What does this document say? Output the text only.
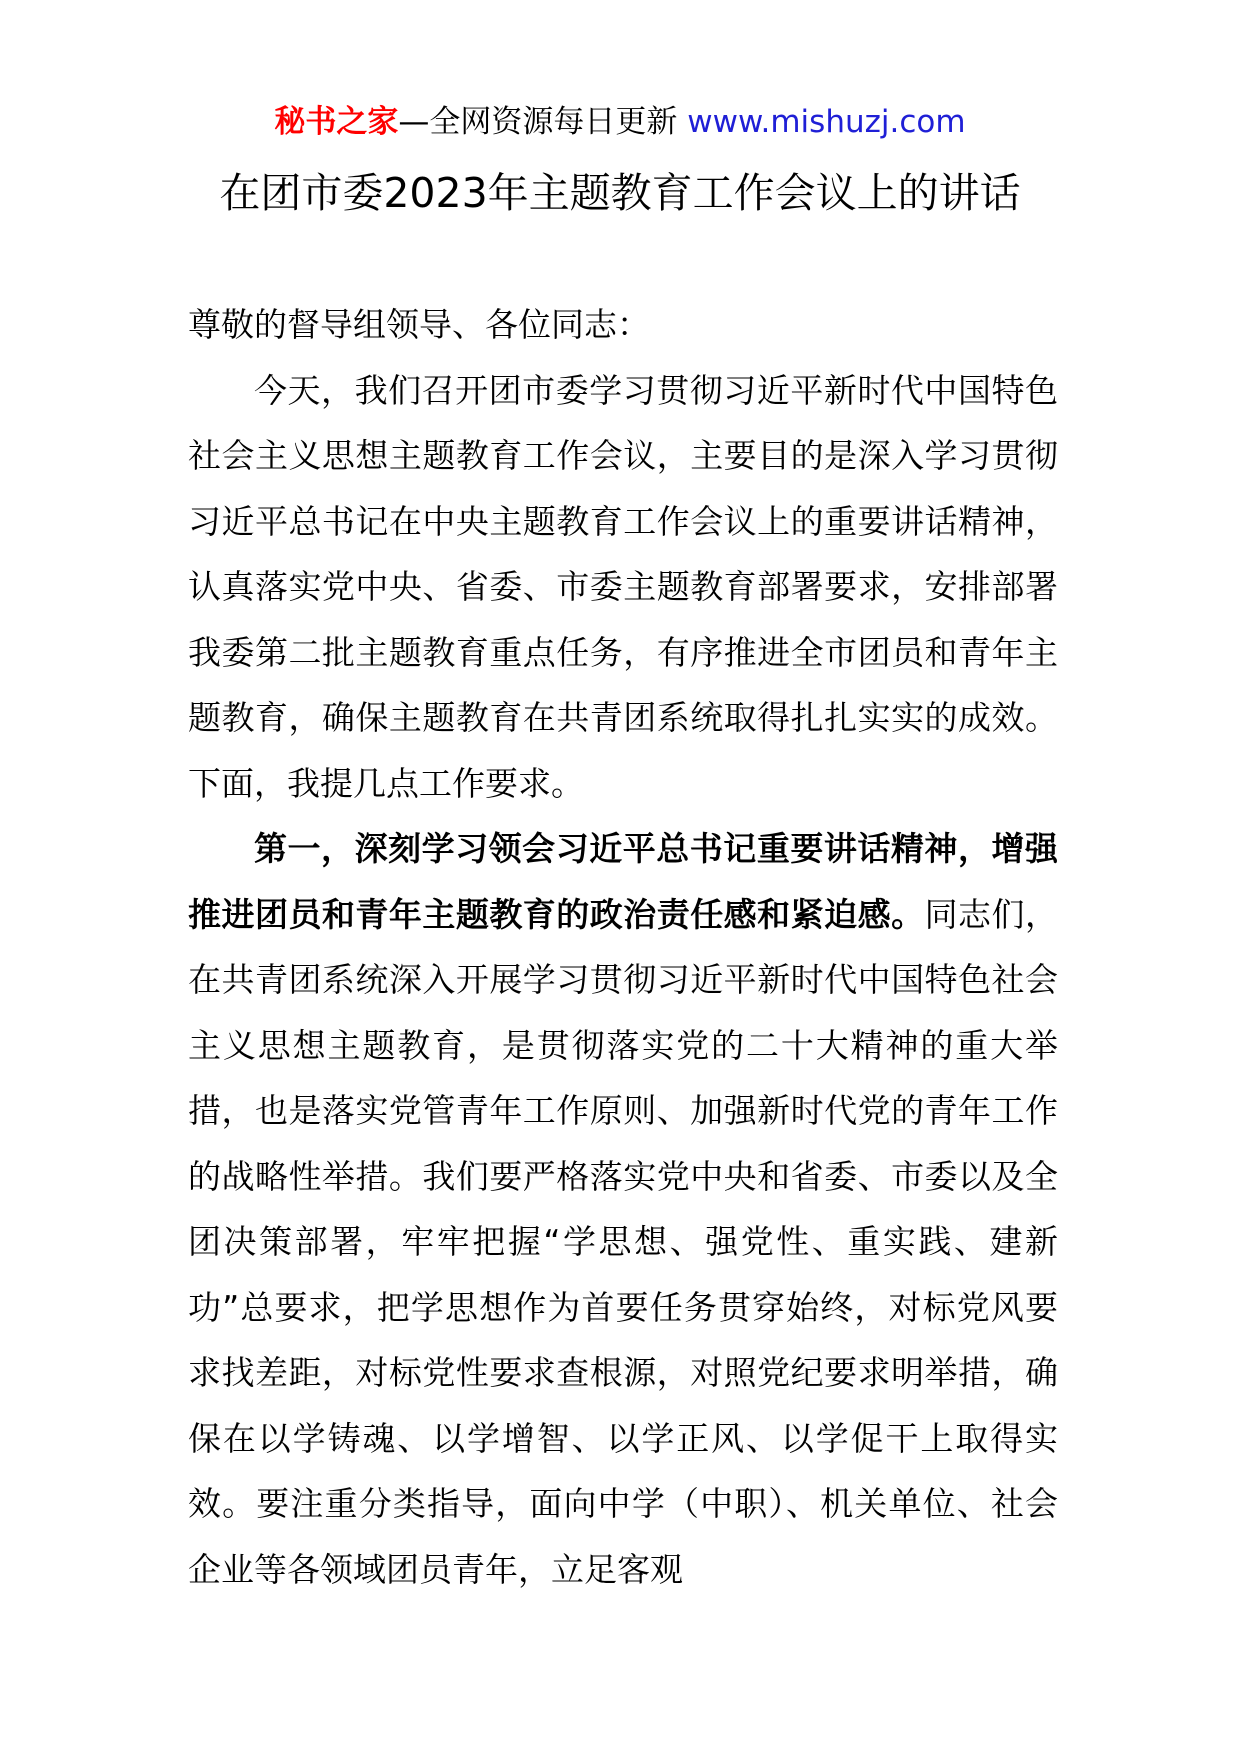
秘书之家—全网资源每日更新 www.mishuzj.com
在团市委2023年主题教育工作会议上的讲话

尊敬的督导组领导、各位同志：

今天，我们召开团市委学习贯彻习近平新时代中国特色社会主义思想主题教育工作会议，主要目的是深入学习贯彻习近平总书记在中央主题教育工作会议上的重要讲话精神，认真落实党中央、省委、市委主题教育部署要求，安排部署我委第二批主题教育重点任务，有序推进全市团员和青年主题教育，确保主题教育在共青团系统取得扎扎实实的成效。下面，我提几点工作要求。

第一，深刻学习领会习近平总书记重要讲话精神，增强推进团员和青年主题教育的政治责任感和紧迫感。同志们，在共青团系统深入开展学习贯彻习近平新时代中国特色社会主义思想主题教育，是贯彻落实党的二十大精神的重大举措，也是落实党管青年工作原则、加强新时代党的青年工作的战略性举措。我们要严格落实党中央和省委、市委以及全团决策部署，牢牢把握“学思想、强党性、重实践、建新功”总要求，把学思想作为首要任务贯穿始终，对标党风要求找差距，对标党性要求查根源，对照党纪要求明举措，确保在以学铸魂、以学增智、以学正风、以学促干上取得实效。要注重分类指导，面向中学（中职）、机关单位、社会企业等各领域团员青年，立足客观
